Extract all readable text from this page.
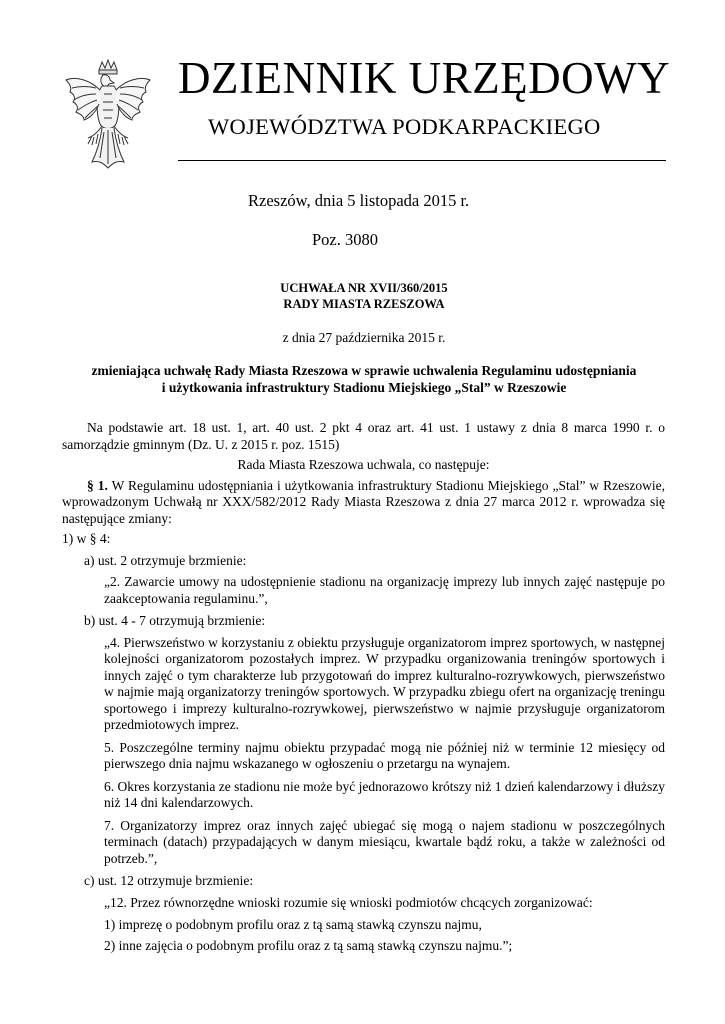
DZIENNIK URZĘDOWY
WOJEWÓDZTWA PODKARPACKIEGO
Rzeszów, dnia 5 listopada 2015 r.
Poz. 3080
UCHWAŁA NR XVII/360/2015
RADY MIASTA RZESZOWA
z dnia 27 października 2015 r.
zmieniająca uchwałę Rady Miasta Rzeszowa w sprawie uchwalenia Regulaminu udostępniania
i użytkowania infrastruktury Stadionu Miejskiego „Stal” w Rzeszowie

Na podstawie art. 18 ust. 1, art. 40 ust. 2 pkt 4 oraz art. 41 ust. 1 ustawy z dnia 8 marca 1990 r. o samorządzie gminnym (Dz. U. z 2015 r. poz. 1515)

Rada Miasta Rzeszowa uchwala, co następuje:

§ 1. W Regulaminu udostępniania i użytkowania infrastruktury Stadionu Miejskiego „Stal” w Rzeszowie, wprowadzonym Uchwałą nr XXX/582/2012 Rady Miasta Rzeszowa z dnia 27 marca 2012 r. wprowadza się następujące zmiany:

1) w § 4:

a) ust. 2 otrzymuje brzmienie:

„2. Zawarcie umowy na udostępnienie stadionu na organizację imprezy lub innych zajęć następuje po zaakceptowania regulaminu.”,

b) ust. 4 - 7 otrzymują brzmienie:

„4. Pierwszeństwo w korzystaniu z obiektu przysługuje organizatorom imprez sportowych, w następnej kolejności organizatorom pozostałych imprez. W przypadku organizowania treningów sportowych i innych zajęć o tym charakterze lub przygotowań do imprez kulturalno-rozrywkowych, pierwszeństwo w najmie mają organizatorzy treningów sportowych. W przypadku zbiegu ofert na organizację treningu sportowego i imprezy kulturalno-rozrywkowej, pierwszeństwo w najmie przysługuje organizatorom przedmiotowych imprez.

5. Poszczególne terminy najmu obiektu przypadać mogą nie później niż w terminie 12 miesięcy od pierwszego dnia najmu wskazanego w ogłoszeniu o przetargu na wynajem.

6. Okres korzystania ze stadionu nie może być jednorazowo krótszy niż 1 dzień kalendarzowy i dłuższy niż 14 dni kalendarzowych.

7. Organizatorzy imprez oraz innych zajęć ubiegać się mogą o najem stadionu w poszczególnych terminach (datach) przypadających w danym miesiącu, kwartale bądź roku, a także w zależności od potrzeb.”,

c) ust. 12 otrzymuje brzmienie:

„12. Przez równorzędne wnioski rozumie się wnioski podmiotów chcących zorganizować:

1) imprezę o podobnym profilu oraz z tą samą stawką czynszu najmu,

2) inne zajęcia o podobnym profilu oraz z tą samą stawką czynszu najmu.”;
